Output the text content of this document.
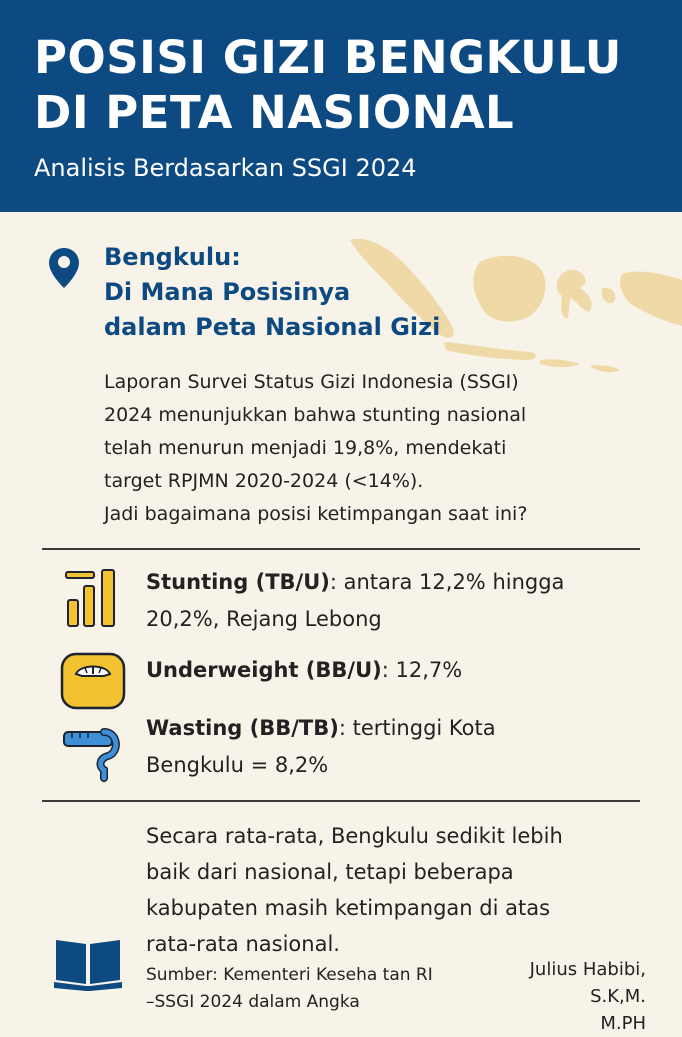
POSISI GIZI BENGKULU
DI PETA NASIONAL
Analisis Berdasarkan SSGI 2024
Bengkulu:
Di Mana Posisinya
dalam Peta Nasional Gizi
Laporan Survei Status Gizi Indonesia (SSGI)
2024 menunjukkan bahwa stunting nasional
telah menurun menjadi 19,8%, mendekati
target RPJMN 2020-2024 (<14%).
Jadi bagaimana posisi ketimpangan saat ini?
Stunting (TB/U): antara 12,2% hingga
20,2%, Rejang Lebong
Underweight (BB/U): 12,7%
Wasting (BB/TB): tertinggi Kota
Bengkulu = 8,2%
Secara rata-rata, Bengkulu sedikit lebih
baik dari nasional, tetapi beberapa
kabupaten masih ketimpangan di atas
rata-rata nasional.
Sumber: Kementeri Keseha tan RI
–SSGI 2024 dalam Angka
Julius Habibi,
S.K,M.
M.PH
